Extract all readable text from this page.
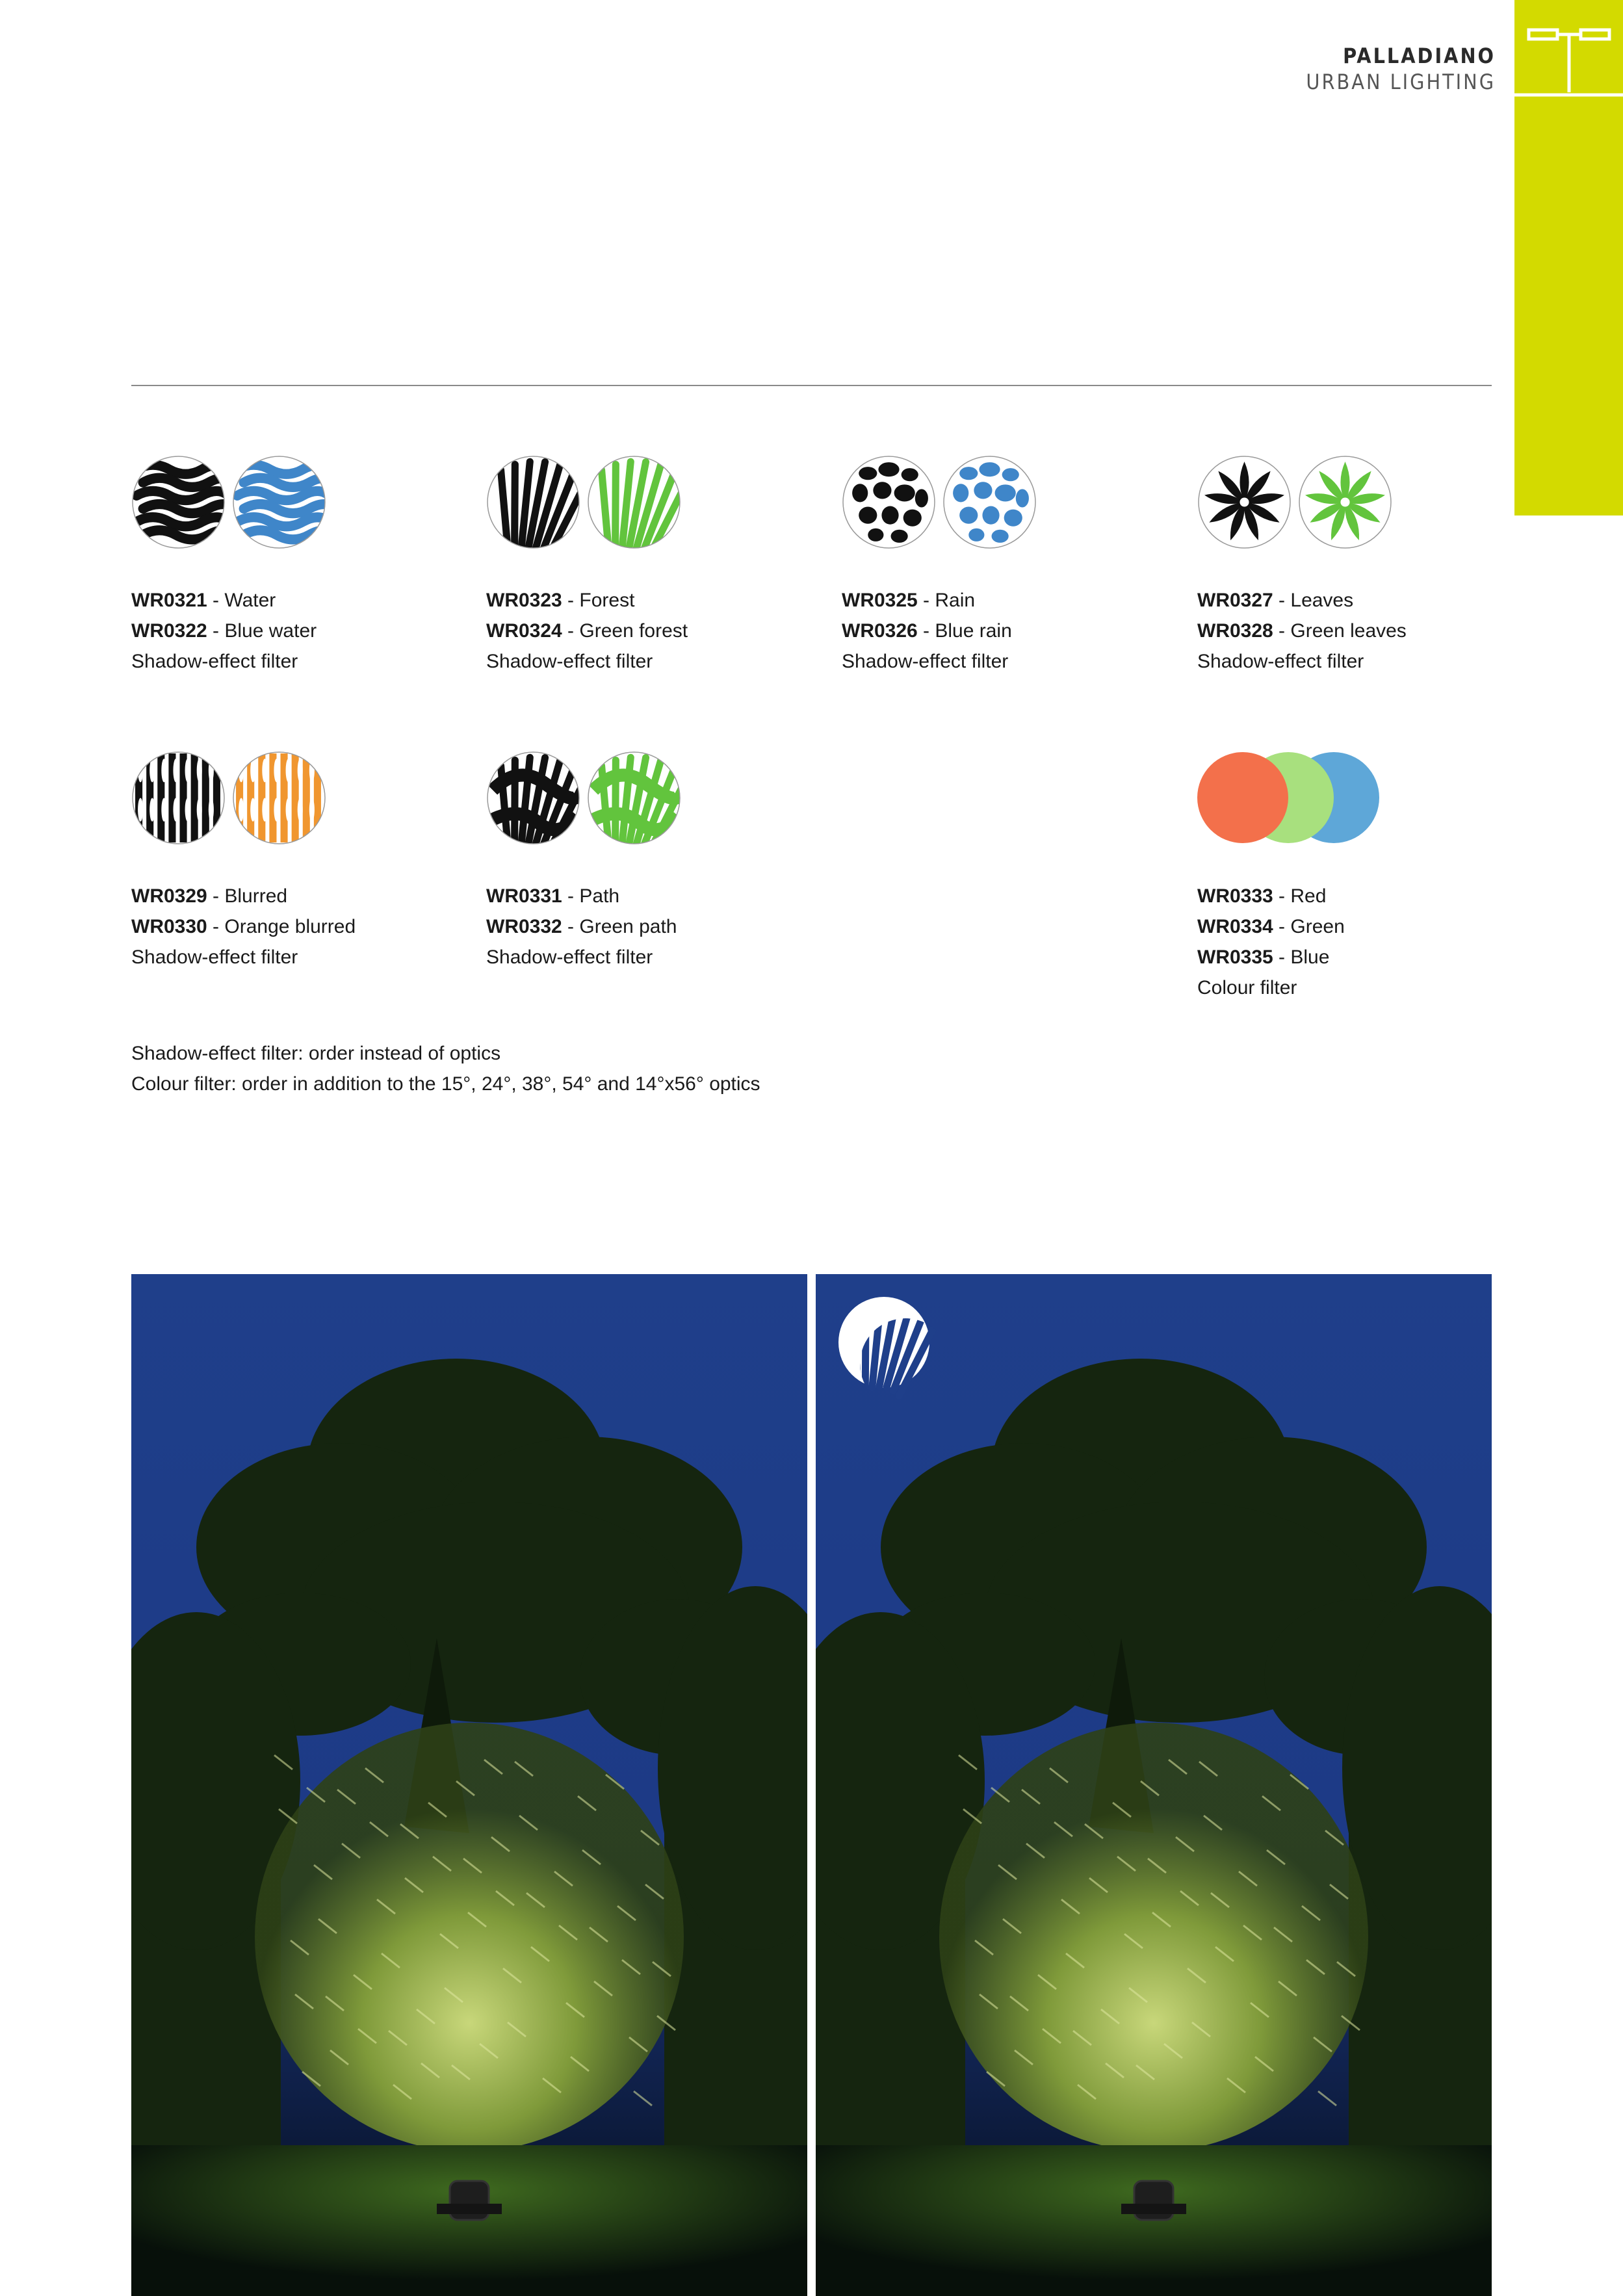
PALLADIANO
URBAN LIGHTING
WR0321 - Water
WR0322 - Blue water
Shadow-effect filter
WR0323 - Forest
WR0324 - Green forest
Shadow-effect filter
WR0325 - Rain
WR0326 - Blue rain
Shadow-effect filter
WR0327 - Leaves
WR0328 - Green leaves
Shadow-effect filter
WR0329 - Blurred
WR0330 - Orange blurred
Shadow-effect filter
WR0331 - Path
WR0332 - Green path
Shadow-effect filter
WR0333 - Red
WR0334 - Green
WR0335 - Blue
Colour filter
Shadow-effect filter: order instead of optics
Colour filter: order in addition to the 15°, 24°, 38°, 54° and 14°x56° optics
